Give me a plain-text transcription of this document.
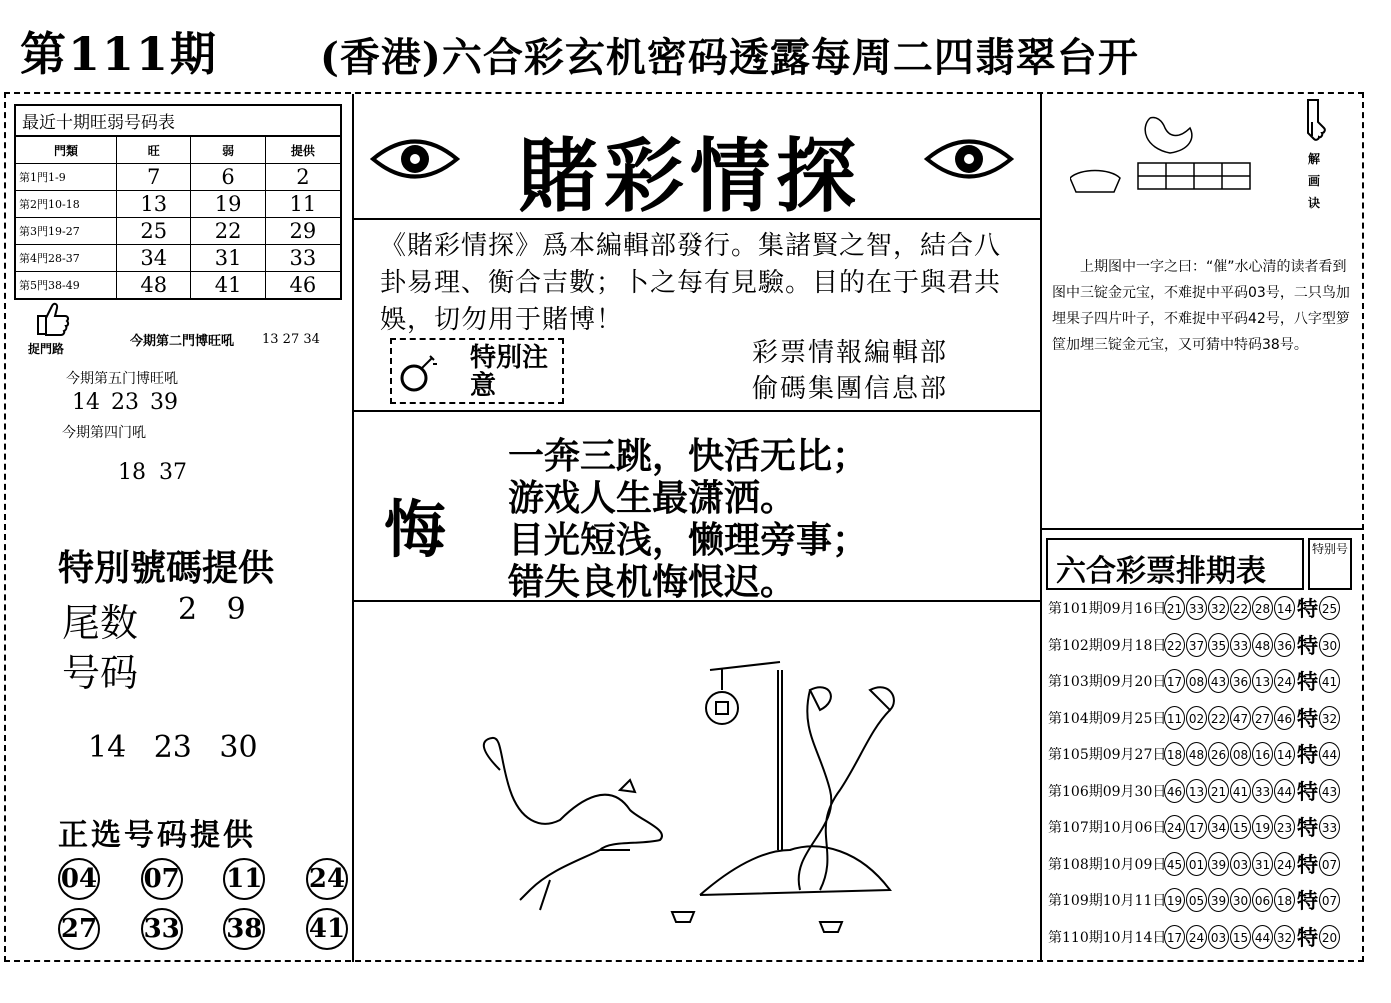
第111期	(香港)六合彩玄机密码透露每周二四翡翠台开
最近十期旺弱号码表
門類	旺	弱	提供
第1門1-9	7	6	2
第2門10-18	13	19	11
第3門19-27	25	22	29
第4門28-37	34	31	33
第5門38-49	48	41	46
捉門路	今期第二門博旺吼 13 27 34
今期第五门博旺吼
14 23 39
今期第四门吼
18 37
特別號碼提供
尾数 2 9
号码
14 23 30
正选号码提供
04 07 11 24
27 33 38 41
賭彩情探
《賭彩情探》爲本編輯部發行。集諸賢之智，結合八卦易理、衡合吉數；卜之每有見驗。目的在于與君共娛，切勿用于賭博！
特別注意
彩票情報編輯部
偷碼集團信息部
悔
一奔三跳，快活无比；
游戏人生最潇洒。
目光短浅，懒理旁事；
错失良机悔恨迟。
解画诀
上期图中一字之曰：“催”水心清的读者看到图中三锭金元宝，不难捉中平码03号，二只鸟加埋果子四片叶子，不难捉中平码42号，八字型箩筐加埋三锭金元宝，又可猜中特码38号。
六合彩票排期表
特别号
第101期09月16日 21 33 32 22 28 14 特 25
第102期09月18日 22 37 35 33 48 36 特 30
第103期09月20日 17 08 43 36 13 24 特 41
第104期09月25日 11 02 22 47 27 46 特 32
第105期09月27日 18 48 26 08 16 14 特 44
第106期09月30日 46 13 21 41 33 44 特 43
第107期10月06日 24 17 34 15 19 23 特 33
第108期10月09日 45 01 39 03 31 24 特 07
第109期10月11日 19 05 39 30 06 18 特 07
第110期10月14日 17 24 03 15 44 32 特 20
